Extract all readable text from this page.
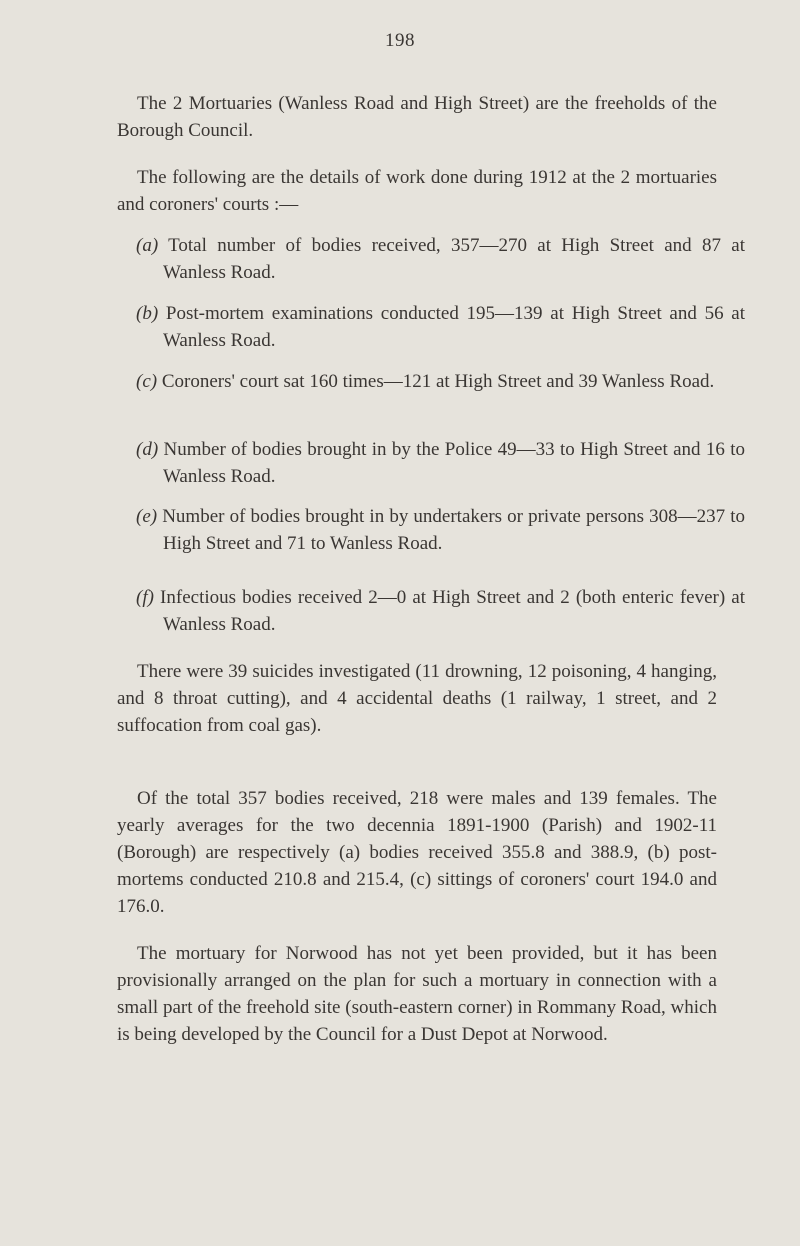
198

The 2 Mortuaries (Wanless Road and High Street) are the freeholds of the Borough Council.

The following are the details of work done during 1912 at the 2 mortuaries and coroners' courts :—

(a) Total number of bodies received, 357—270 at High Street and 87 at Wanless Road.

(b) Post-mortem examinations conducted 195—139 at High Street and 56 at Wanless Road.

(c) Coroners' court sat 160 times—121 at High Street and 39 Wanless Road.

(d) Number of bodies brought in by the Police 49—33 to High Street and 16 to Wanless Road.

(e) Number of bodies brought in by undertakers or private persons 308—237 to High Street and 71 to Wanless Road.

(f) Infectious bodies received 2—0 at High Street and 2 (both enteric fever) at Wanless Road.

There were 39 suicides investigated (11 drowning, 12 poisoning, 4 hanging, and 8 throat cutting), and 4 accidental deaths (1 railway, 1 street, and 2 suffocation from coal gas).

Of the total 357 bodies received, 218 were males and 139 females. The yearly averages for the two decennia 1891-1900 (Parish) and 1902-11 (Borough) are respectively (a) bodies received 355.8 and 388.9, (b) post-mortems conducted 210.8 and 215.4, (c) sittings of coroners' court 194.0 and 176.0.

The mortuary for Norwood has not yet been provided, but it has been provisionally arranged on the plan for such a mortuary in connection with a small part of the freehold site (south-eastern corner) in Rommany Road, which is being developed by the Council for a Dust Depot at Norwood.
